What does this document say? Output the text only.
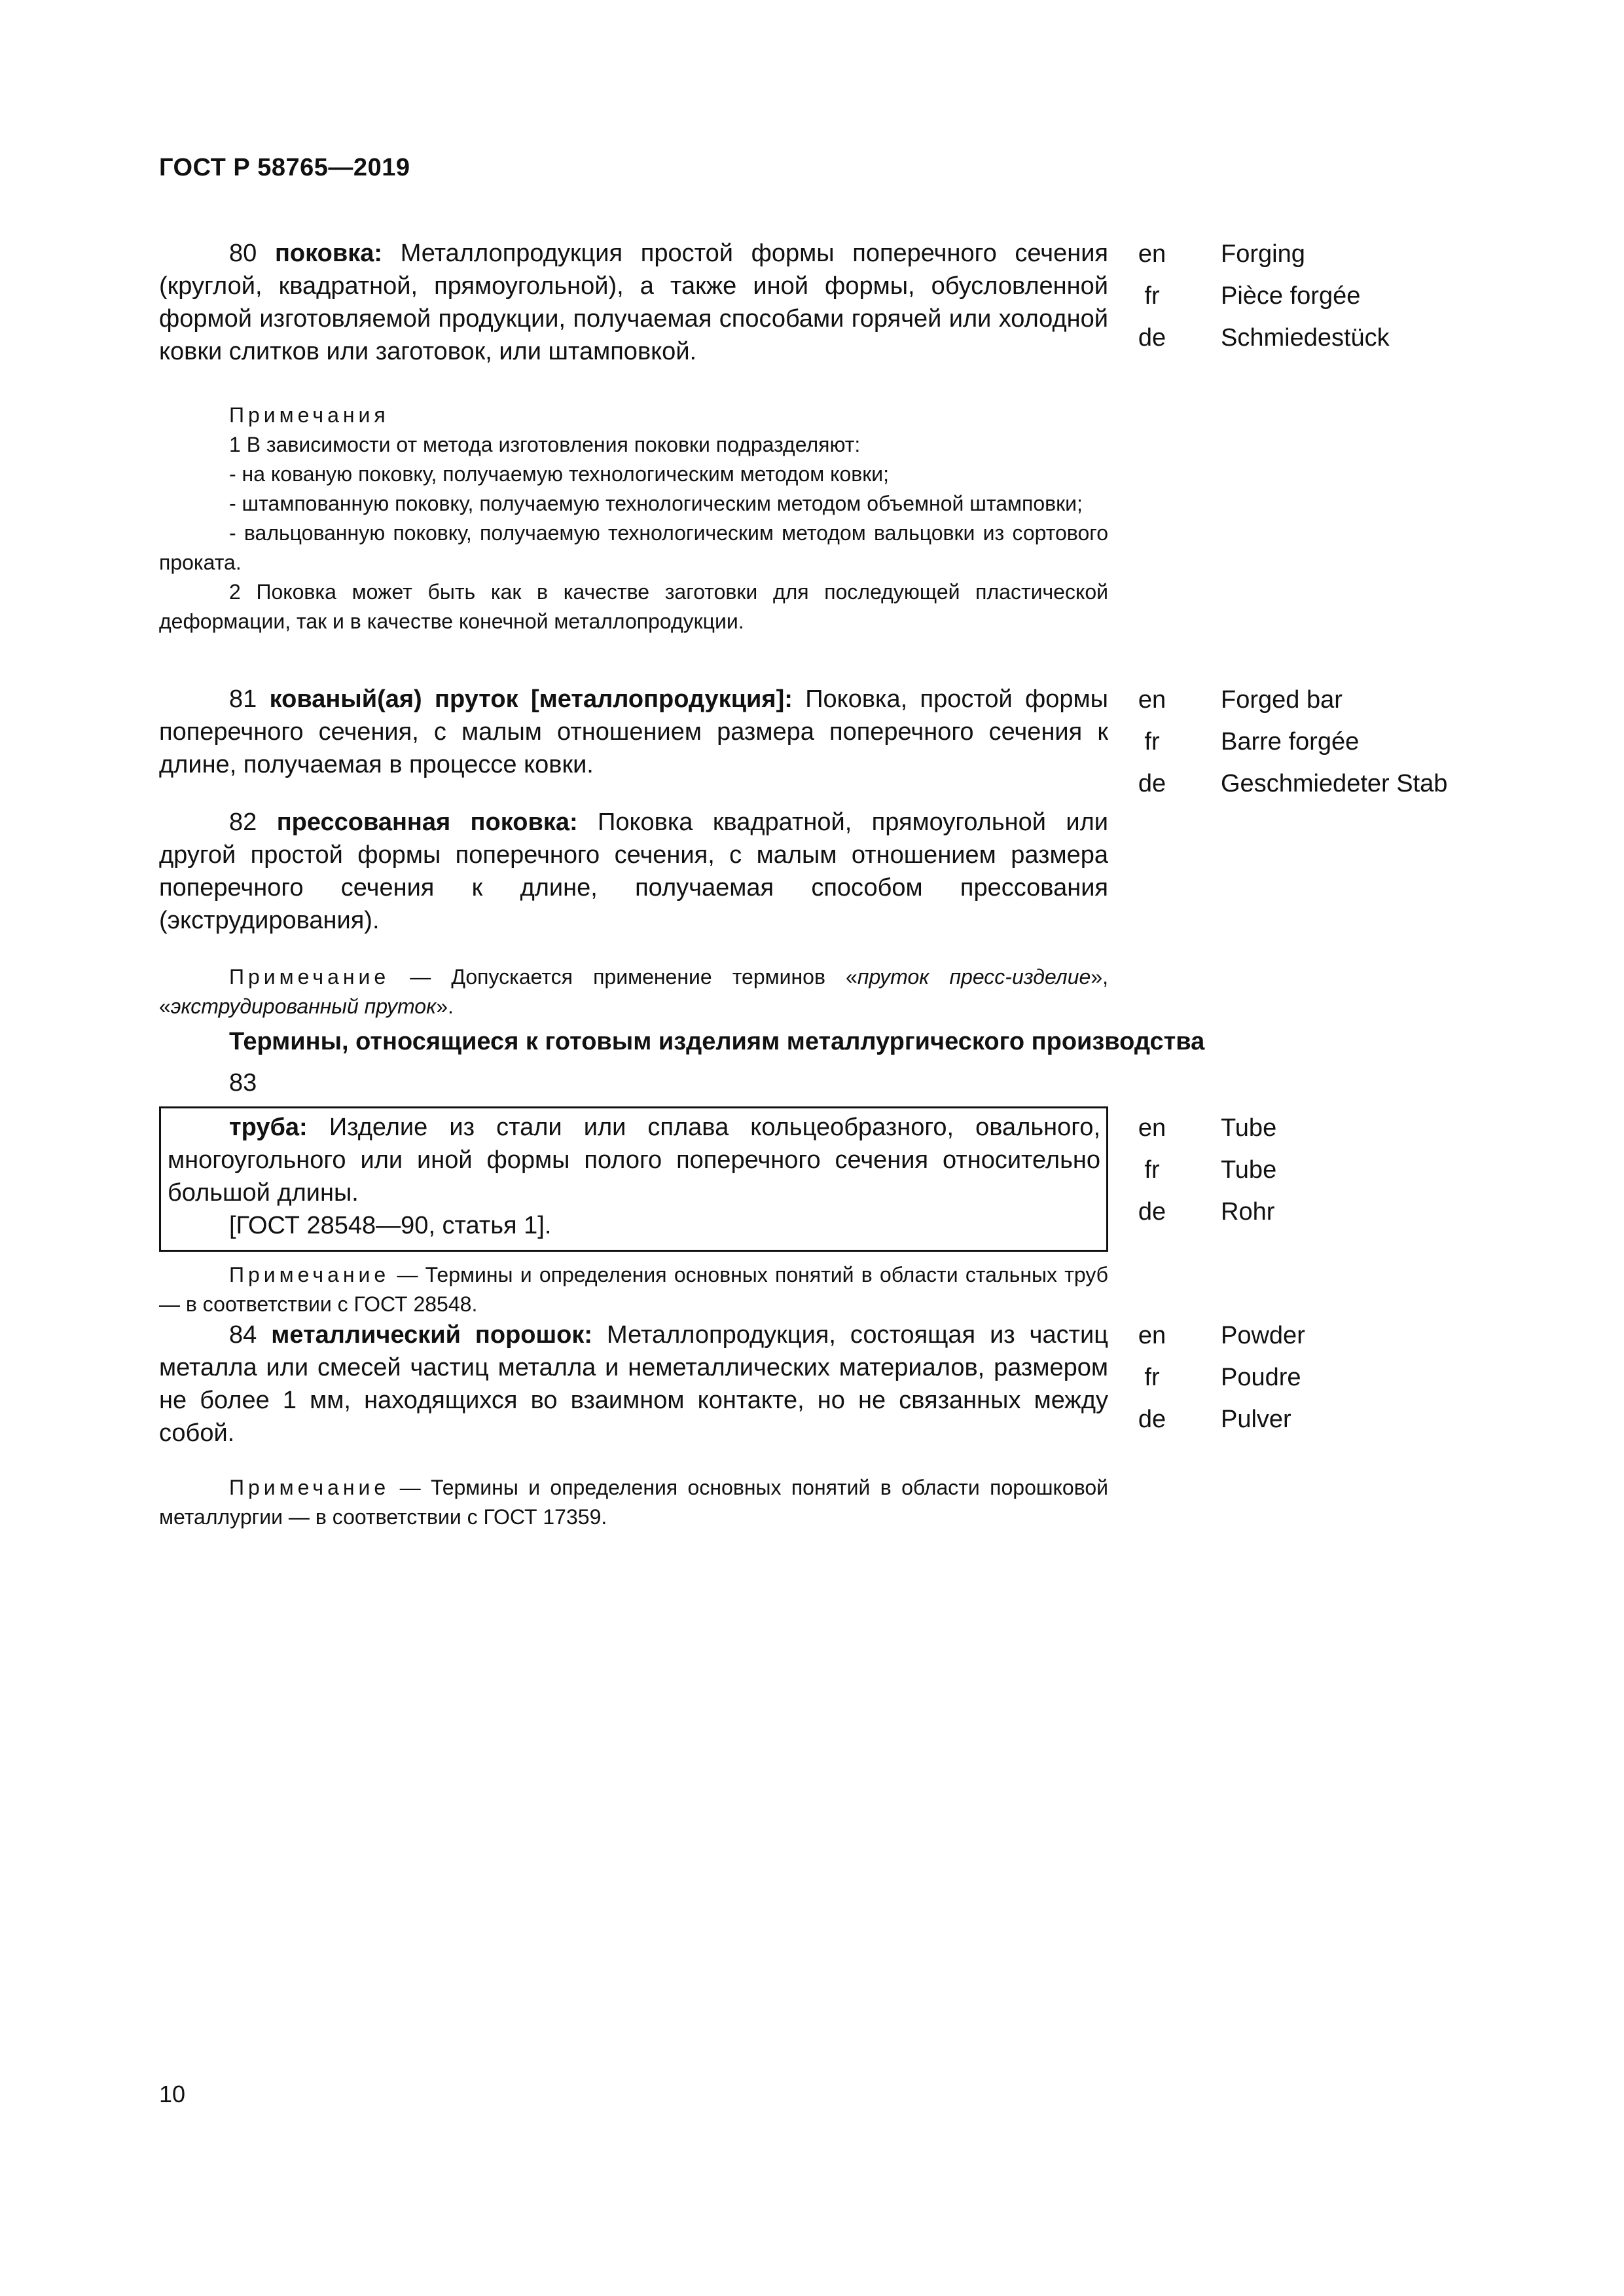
ГОСТ Р 58765—2019
80 поковка: Металлопродукция простой формы поперечного сечения (круглой, квадратной, прямоугольной), а также иной формы, обусловленной формой изготовляемой продукции, получаемая способами горячей или холодной ковки слитков или заготовок, или штамповкой.
en
fr
de
Forging
Pièce forgée
Schmiedestück
Примечания
1 В зависимости от метода изготовления поковки подразделяют:
- на кованую поковку, получаемую технологическим методом ковки;
- штампованную поковку, получаемую технологическим методом объемной штамповки;
- вальцованную поковку, получаемую технологическим методом вальцовки из сортового проката.
2 Поковка может быть как в качестве заготовки для последующей пластической деформации, так и в качестве конечной металлопродукции.
81 кованый(ая) пруток [металлопродукция]: Поковка, простой формы поперечного сечения, с малым отношением размера поперечного сечения к длине, получаемая в процессе ковки.
en
fr
de
Forged bar
Barre forgée
Geschmiedeter Stab
82 прессованная поковка: Поковка квадратной, прямоугольной или другой простой формы поперечного сечения, с малым отношением размера поперечного сечения к длине, получаемая способом прессования (экструдирования).
Примечание — Допускается применение терминов «пруток пресс-изделие», «экструдированный пруток».
Термины, относящиеся к готовым изделиям металлургического производства
83
труба: Изделие из стали или сплава кольцеобразного, овального, многоугольного или иной формы полого поперечного сечения относительно большой длины.
[ГОСТ 28548—90, статья 1].
en
fr
de
Tube
Tube
Rohr
Примечание — Термины и определения основных понятий в области стальных труб — в соответствии с ГОСТ 28548.
84 металлический порошок: Металлопродукция, состоящая из частиц металла или смесей частиц металла и неметаллических материалов, размером не более 1 мм, находящихся во взаимном контакте, но не связанных между собой.
en
fr
de
Powder
Poudre
Pulver
Примечание — Термины и определения основных понятий в области порошковой металлургии — в соответствии с ГОСТ 17359.
10
